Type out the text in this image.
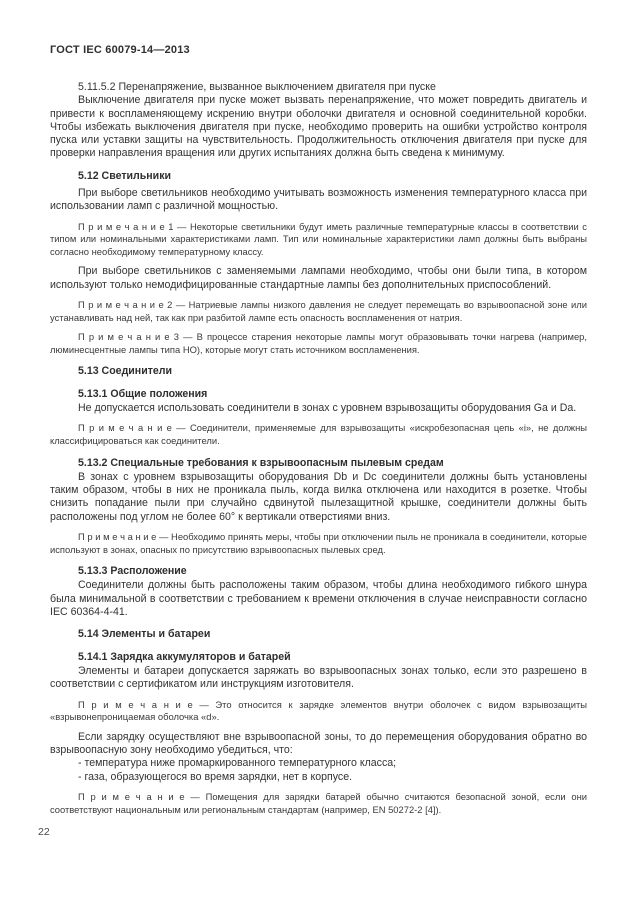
ГОСТ IEC 60079-14—2013

5.11.5.2 Перенапряжение, вызванное выключением двигателя при пуске

Выключение двигателя при пуске может вызвать перенапряжение, что может повредить двигатель и привести к воспламеняющему искрению внутри оболочки двигателя и основной соединительной коробки. Чтобы избежать выключения двигателя при пуске, необходимо проверить на ошибки устройство контроля пуска или уставки защиты на чувствительность. Продолжительность отключения двигателя при пуске для проверки направления вращения или других испытаниях должна быть сведена к минимуму.

5.12 Светильники

При выборе светильников необходимо учитывать возможность изменения температурного класса при использовании ламп с различной мощностью.

П р и м е ч а н и е 1 — Некоторые светильники будут иметь различные температурные классы в соответствии с типом или номинальными характеристиками ламп. Тип или номинальные характеристики ламп должны быть выбраны согласно необходимому температурному классу.

При выборе светильников с заменяемыми лампами необходимо, чтобы они были типа, в котором используют только немодифицированные стандартные лампы без дополнительных приспособлений.

П р и м е ч а н и е 2 — Натриевые лампы низкого давления не следует перемещать во взрывоопасной зоне или устанавливать над ней, так как при разбитой лампе есть опасность воспламенения от натрия.

П р и м е ч а н и е 3 — В процессе старения некоторые лампы могут образовывать точки нагрева (например, люминесцентные лампы типа НО), которые могут стать источником воспламенения.

5.13 Соединители

5.13.1 Общие положения

Не допускается использовать соединители в зонах с уровнем взрывозащиты оборудования Ga и Da.

П р и м е ч а н и е — Соединители, применяемые для взрывозащиты «искробезопасная цепь «i», не должны классифицироваться как соединители.

5.13.2 Специальные требования к взрывоопасным пылевым средам

В зонах с уровнем взрывозащиты оборудования Db и Dc соединители должны быть установлены таким образом, чтобы в них не проникала пыль, когда вилка отключена или находится в розетке. Чтобы снизить попадание пыли при случайно сдвинутой пылезащитной крышке, соединители должны быть расположены под углом не более 60° к вертикали отверстиями вниз.

П р и м е ч а н и е — Необходимо принять меры, чтобы при отключении пыль не проникала в соединители, которые используют в зонах, опасных по присутствию взрывоопасных пылевых сред.

5.13.3 Расположение

Соединители должны быть расположены таким образом, чтобы длина необходимого гибкого шнура была минимальной в соответствии с требованием к времени отключения в случае неисправности согласно IEC 60364-4-41.

5.14 Элементы и батареи

5.14.1 Зарядка аккумуляторов и батарей

Элементы и батареи допускается заряжать во взрывоопасных зонах только, если это разрешено в соответствии с сертификатом или инструкциям изготовителя.

П р и м е ч а н и е — Это относится к зарядке элементов внутри оболочек с видом взрывозащиты «взрывонепроницаемая оболочка «d».

Если зарядку осуществляют вне взрывоопасной зоны, то до перемещения оборудования обратно во взрывоопасную зону необходимо убедиться, что:

- температура ниже промаркированного температурного класса;

- газа, образующегося во время зарядки, нет в корпусе.

П р и м е ч а н и е — Помещения для зарядки батарей обычно считаются безопасной зоной, если они соответствуют национальным или региональным стандартам (например, EN 50272-2 [4]).

22
